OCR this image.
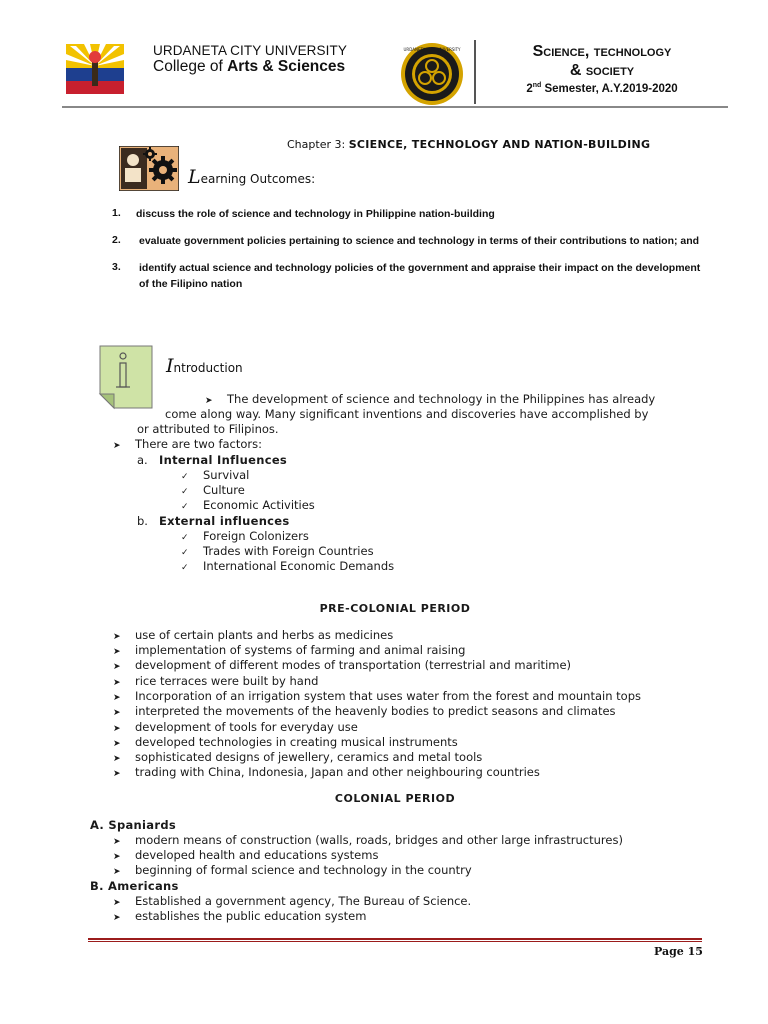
URDANETA CITY UNIVERSITY
College of Arts & Sciences
URDANETA CITY UNIVERSITY	Science, technology
& society
2nd Semester, A.Y.2019-2020
Chapter 3: SCIENCE, TECHNOLOGY AND NATION-BUILDING
Learning Outcomes:
1. discuss the role of science and technology in Philippine nation-building

2. evaluate government policies pertaining to science and technology in terms of their contributions to nation; and

3. identify actual science and technology policies of the government and appraise their impact on the development of the Filipino nation

Introduction
➤ The development of science and technology in the Philippines has already
come along way. Many significant inventions and discoveries have accomplished by
or attributed to Filipinos.
➤ There are two factors:
a. Internal Influences
✓ Survival
✓ Culture
✓ Economic Activities
b. External influences
✓ Foreign Colonizers
✓ Trades with Foreign Countries
✓ International Economic Demands
PRE-COLONIAL PERIOD
➤ use of certain plants and herbs as medicines
➤ implementation of systems of farming and animal raising
➤ development of different modes of transportation (terrestrial and maritime)
➤ rice terraces were built by hand
➤ Incorporation of an irrigation system that uses water from the forest and mountain tops
➤ interpreted the movements of the heavenly bodies to predict seasons and climates
➤ development of tools for everyday use
➤ developed technologies in creating musical instruments
➤ sophisticated designs of jewellery, ceramics and metal tools
➤ trading with China, Indonesia, Japan and other neighbouring countries
COLONIAL PERIOD
A. Spaniards
➤ modern means of construction (walls, roads, bridges and other large infrastructures)
➤ developed health and educations systems
➤ beginning of formal science and technology in the country
B. Americans
➤ Established a government agency, The Bureau of Science.
➤ establishes the public education system
Page 15
